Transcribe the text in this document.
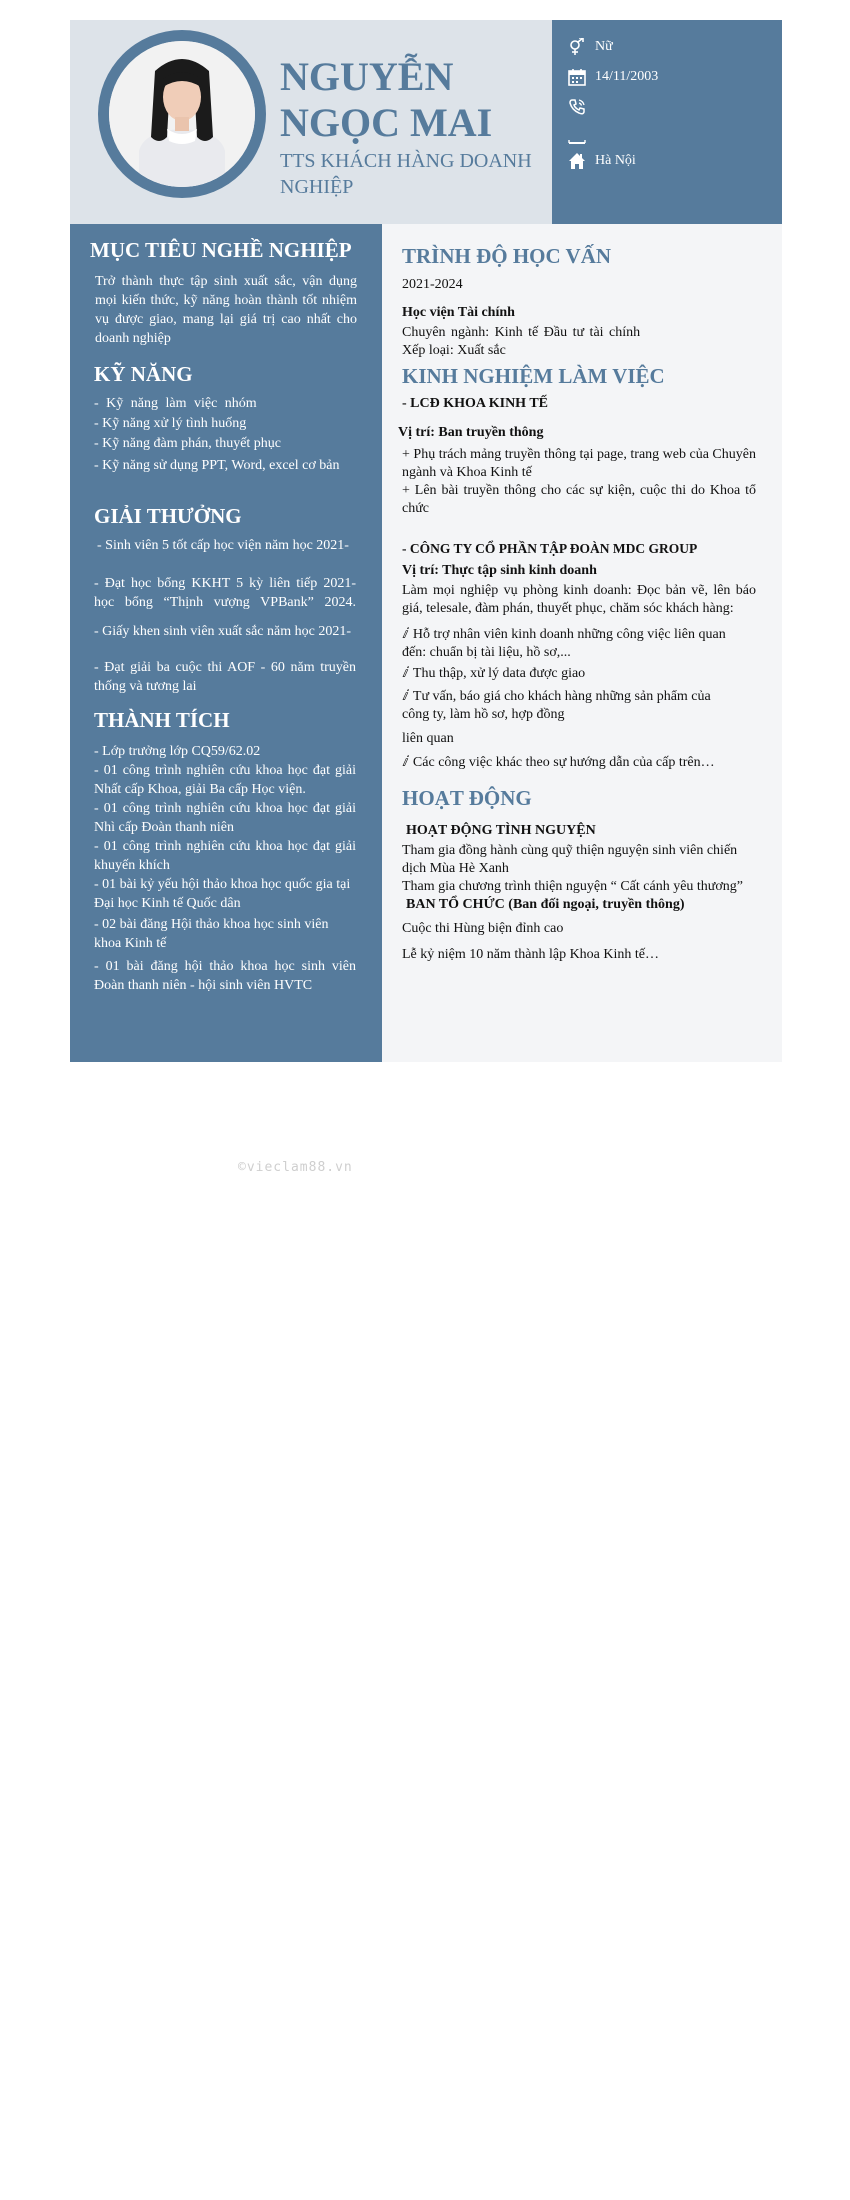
NGUYỄN
NGỌC MAI
TTS KHÁCH HÀNG DOANH NGHIỆP
Nữ
14/11/2003
Hà Nội
MỤC TIÊU NGHỀ NGHIỆP
Trở thành thực tập sinh xuất sắc, vận dụng mọi kiến thức, kỹ năng hoàn thành tốt nhiệm vụ được giao, mang lại giá trị cao nhất cho doanh nghiệp
KỸ NĂNG
- Kỹ năng làm việc nhóm
- Kỹ năng xử lý tình huống
- Kỹ năng đàm phán, thuyết phục
- Kỹ năng sử dụng PPT, Word, excel cơ bản
GIẢI THƯỞNG
- Sinh viên 5 tốt cấp học viện năm học 2021-
- Đạt học bổng KKHT 5 kỳ liên tiếp 2021- học bổng “Thịnh vượng VPBank” 2024.
- Giấy khen sinh viên xuất sắc năm học 2021-
- Đạt giải ba cuộc thi AOF - 60 năm truyền thống và tương lai
THÀNH TÍCH
- Lớp trưởng lớp CQ59/62.02
- 01 công trình nghiên cứu khoa học đạt giải Nhất cấp Khoa, giải Ba cấp Học viện.
- 01 công trình nghiên cứu khoa học đạt giải Nhì cấp Đoàn thanh niên
- 01 công trình nghiên cứu khoa học đạt giải khuyến khích
- 01 bài kỷ yếu hội thảo khoa học quốc gia tại Đại học Kinh tế Quốc dân
- 02 bài đăng Hội thảo khoa học sinh viên khoa Kinh tế
- 01 bài đăng hội thảo khoa học sinh viên Đoàn thanh niên - hội sinh viên HVTC
TRÌNH ĐỘ HỌC VẤN
2021-2024
Học viện Tài chính
Chuyên ngành: Kinh tế Đầu tư tài chính
Xếp loại: Xuất sắc
KINH NGHIỆM LÀM VIỆC
- LCĐ KHOA KINH TẾ
Vị trí: Ban truyền thông
+ Phụ trách mảng truyền thông tại page, trang web của Chuyên ngành và Khoa Kinh tế
+ Lên bài truyền thông cho các sự kiện, cuộc thi do Khoa tổ chức
- CÔNG TY CỔ PHẦN TẬP ĐOÀN MDC GROUP
Vị trí: Thực tập sinh kinh doanh
Làm mọi nghiệp vụ phòng kinh doanh: Đọc bản vẽ, lên báo giá, telesale, đàm phán, thuyết phục, chăm sóc khách hàng:
ⅈ Hỗ trợ nhân viên kinh doanh những công việc liên quan đến: chuẩn bị tài liệu, hồ sơ,...
ⅈ Thu thập, xử lý data được giao
ⅈ Tư vấn, báo giá cho khách hàng những sản phẩm của công ty, làm hồ sơ, hợp đồng
liên quan
ⅈ Các công việc khác theo sự hướng dẫn của cấp trên…
HOẠT ĐỘNG
HOẠT ĐỘNG TÌNH NGUYỆN
Tham gia đồng hành cùng quỹ thiện nguyện sinh viên chiến dịch Mùa Hè Xanh
Tham gia chương trình thiện nguyện “ Cất cánh yêu thương”
BAN TỔ CHỨC (Ban đối ngoại, truyền thông)
Cuộc thi Hùng biện đỉnh cao
Lễ kỷ niệm 10 năm thành lập Khoa Kinh tế…
©vieclam88.vn
